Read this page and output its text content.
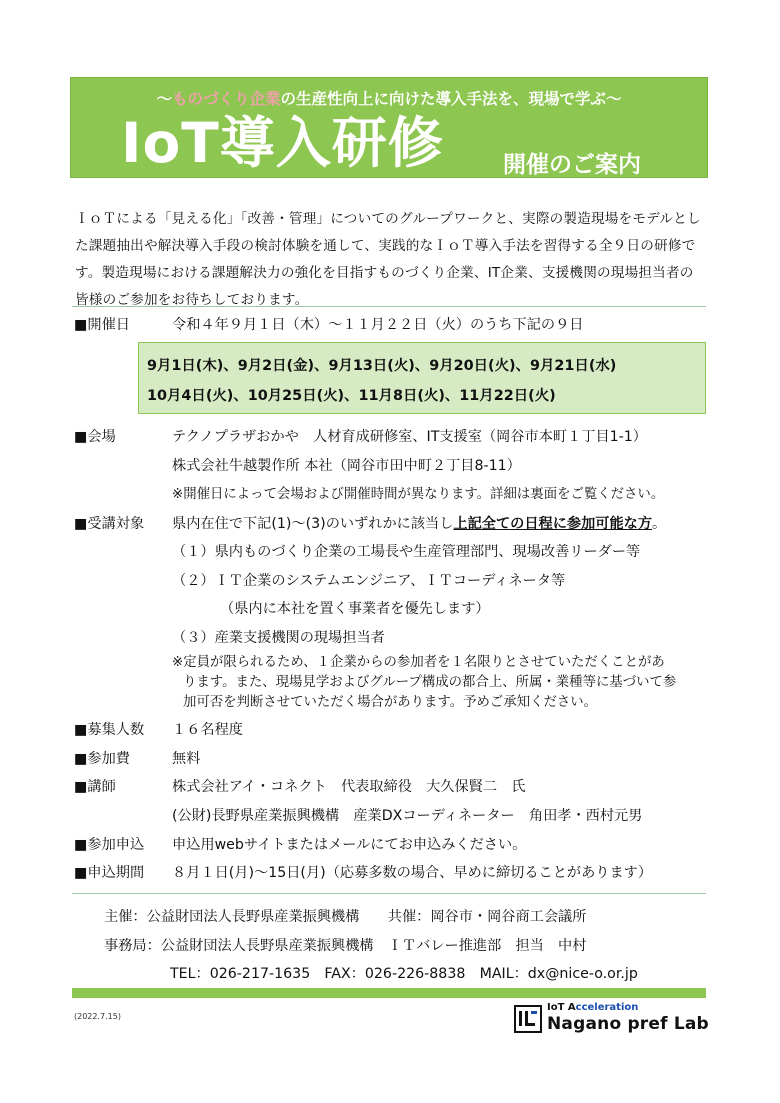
〜ものづくり企業の生産性向上に向けた導入手法を、現場で学ぶ〜
IoT導入研修	開催のご案内
ＩｏＴによる「見える化」「改善・管理」についてのグループワークと、実際の製造現場をモデルとした課題抽出や解決導入手段の検討体験を通して、実践的なＩｏＴ導入手法を習得する全９日の研修です。製造現場における課題解決力の強化を目指すものづくり企業、IT企業、支援機関の現場担当者の皆様のご参加をお待ちしております。
■開催日	令和４年９月１日（木）～１１月２２日（火）のうち下記の９日
9月1日(木)、9月2日(金)、9月13日(火)、9月20日(火)、9月21日(水)
10月4日(火)、10月25日(火)、11月8日(火)、11月22日(火)
■会場	テクノプラザおかや　人材育成研修室、IT支援室（岡谷市本町１丁目1-1）
株式会社牛越製作所 本社（岡谷市田中町２丁目8-11）
※開催日によって会場および開催時間が異なります。詳細は裏面をご覧ください。
■受講対象 県内在住で下記(1)～(3)のいずれかに該当し上記全ての日程に参加可能な方。
（１）県内ものづくり企業の工場長や生産管理部門、現場改善リーダー等
（２）ＩＴ企業のシステムエンジニア、ＩＴコーディネータ等
（県内に本社を置く事業者を優先します）
（３）産業支援機関の現場担当者
※定員が限られるため、１企業からの参加者を１名限りとさせていただくことがあ
ります。また、現場見学およびグループ構成の都合上、所属・業種等に基づいて参
加可否を判断させていただく場合があります。予めご承知ください。
■募集人数 １６名程度
■参加費	無料
■講師	株式会社アイ・コネクト　代表取締役　大久保賢二　氏
(公財)長野県産業振興機構　産業DXコーディネーター　角田孝・西村元男
■参加申込 申込用webサイトまたはメールにてお申込みください。
■申込期間 ８月１日(月)～15日(月)（応募多数の場合、早めに締切ることがあります）
主催：公益財団法人長野県産業振興機構　　共催：岡谷市・岡谷商工会議所
事務局：公益財団法人長野県産業振興機構　ＩＴバレー推進部　担当　中村
TEL：026-217-1635　FAX：026-226-8838　MAIL：dx@nice-o.or.jp
(2022.7.15)
IoT Acceleration
Nagano pref Lab
